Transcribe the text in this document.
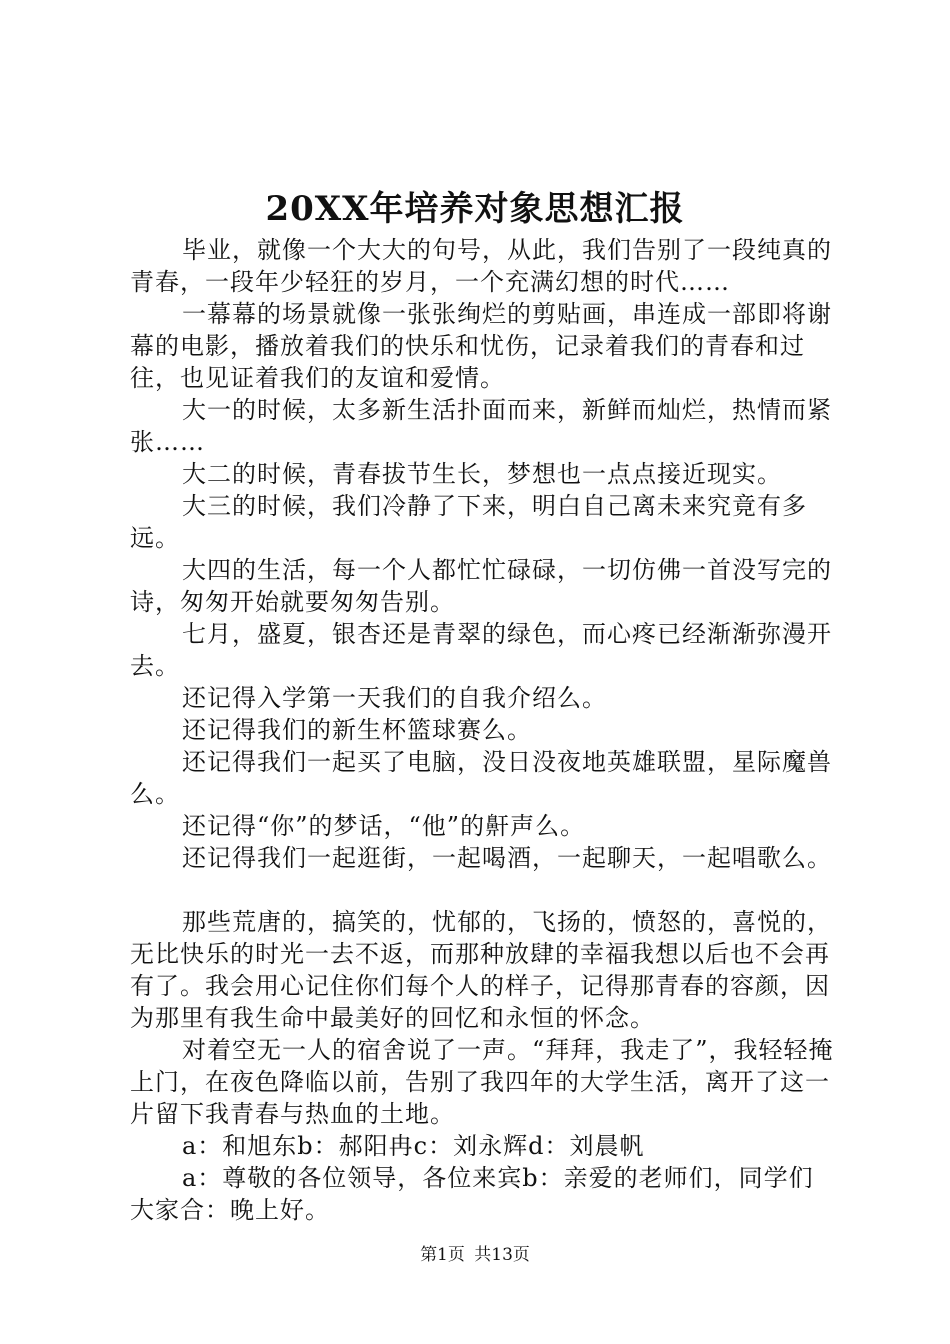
20XX年培养对象思想汇报

毕业，就像一个大大的句号，从此，我们告别了一段纯真的青春，一段年少轻狂的岁月，一个充满幻想的时代……

一幕幕的场景就像一张张绚烂的剪贴画，串连成一部即将谢幕的电影，播放着我们的快乐和忧伤，记录着我们的青春和过往，也见证着我们的友谊和爱情。

大一的时候，太多新生活扑面而来，新鲜而灿烂，热情而紧张……

大二的时候，青春拔节生长，梦想也一点点接近现实。

大三的时候，我们冷静了下来，明白自己离未来究竟有多远。

大四的生活，每一个人都忙忙碌碌，一切仿佛一首没写完的诗，匆匆开始就要匆匆告别。

七月，盛夏，银杏还是青翠的绿色，而心疼已经渐渐弥漫开去。

还记得入学第一天我们的自我介绍么。

还记得我们的新生杯篮球赛么。

还记得我们一起买了电脑，没日没夜地英雄联盟，星际魔兽么。

还记得“你”的梦话，“他”的鼾声么。

还记得我们一起逛街，一起喝酒，一起聊天，一起唱歌么。

那些荒唐的，搞笑的，忧郁的，飞扬的，愤怒的，喜悦的，无比快乐的时光一去不返，而那种放肆的幸福我想以后也不会再有了。我会用心记住你们每个人的样子，记得那青春的容颜，因为那里有我生命中最美好的回忆和永恒的怀念。

对着空无一人的宿舍说了一声。“拜拜，我走了”，我轻轻掩上门，在夜色降临以前，告别了我四年的大学生活，离开了这一片留下我青春与热血的土地。

a：和旭东b：郝阳冉c：刘永辉d：刘晨帆

a：尊敬的各位领导，各位来宾b：亲爱的老师们，同学们大家合：晚上好。

第1页 共13页
